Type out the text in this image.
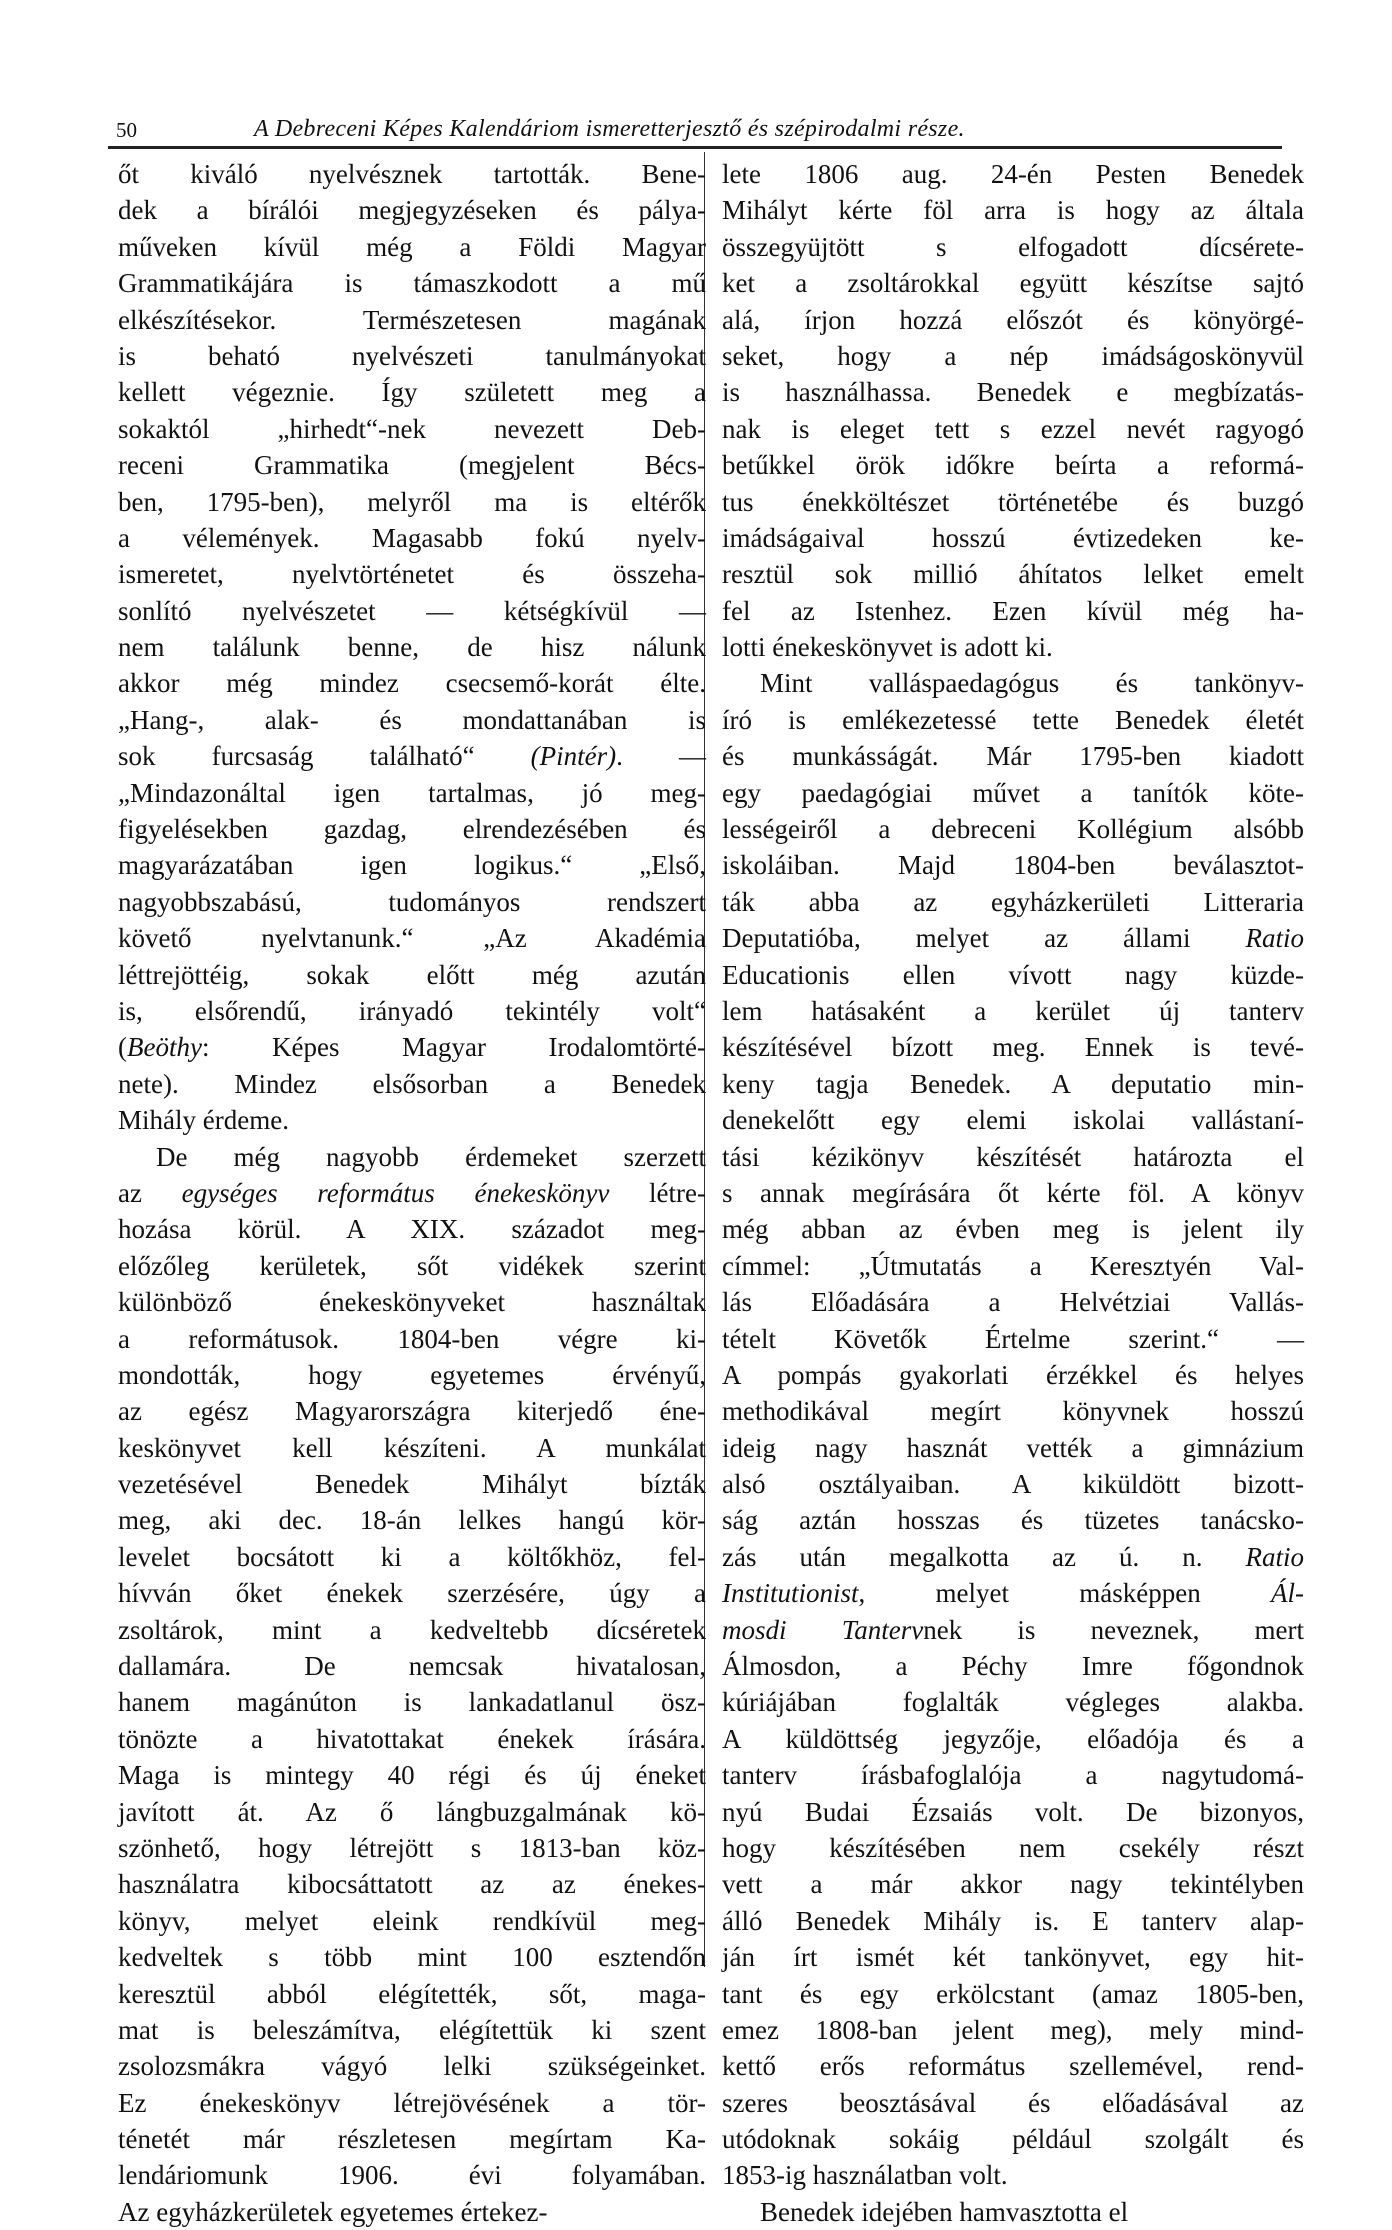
50	A Debreceni Képes Kalendáriom ismeretterjesztő és szépirodalmi része.
őt kiváló nyelvésznek tartották. Bene-
dek a bírálói megjegyzéseken és pálya-
műveken kívül még a Földi Magyar
Grammatikájára is támaszkodott a mű
elkészítésekor. Természetesen magának
is beható nyelvészeti tanulmányokat
kellett végeznie. Így született meg a
sokaktól „hirhedt“-nek nevezett Deb-
receni Grammatika (megjelent Bécs-
ben, 1795-ben), melyről ma is eltérők
a vélemények. Magasabb fokú nyelv-
ismeretet, nyelvtörténetet és összeha-
sonlító nyelvészetet — kétségkívül —
nem találunk benne, de hisz nálunk
akkor még mindez csecsemő-korát élte.
„Hang-, alak- és mondattanában is
sok furcsaság található“ (Pintér). —
„Mindazonáltal igen tartalmas, jó meg-
figyelésekben gazdag, elrendezésében és
magyarázatában igen logikus.“ „Első,
nagyobbszabású, tudományos rendszert
követő nyelvtanunk.“ „Az Akadémia
léttrejöttéig, sokak előtt még azután
is, elsőrendű, irányadó tekintély volt“
(Beöthy: Képes Magyar Irodalomtörté-
nete). Mindez elsősorban a Benedek
Mihály érdeme.
De még nagyobb érdemeket szerzett
az egységes református énekeskönyv létre-
hozása körül. A XIX. századot meg-
előzőleg kerületek, sőt vidékek szerint
különböző énekeskönyveket használtak
a reformátusok. 1804-ben végre ki-
mondották, hogy egyetemes érvényű,
az egész Magyarországra kiterjedő éne-
keskönyvet kell készíteni. A munkálat
vezetésével Benedek Mihályt bízták
meg, aki dec. 18-án lelkes hangú kör-
levelet bocsátott ki a költőkhöz, fel-
hívván őket énekek szerzésére, úgy a
zsoltárok, mint a kedveltebb dícséretek
dallamára. De nemcsak hivatalosan,
hanem magánúton is lankadatlanul ösz-
tönözte a hivatottakat énekek írására.
Maga is mintegy 40 régi és új éneket
javított át. Az ő lángbuzgalmának kö-
szönhető, hogy létrejött s 1813-ban köz-
használatra kibocsáttatott az az énekes-
könyv, melyet eleink rendkívül meg-
kedveltek s több mint 100 esztendőn
keresztül abból elégítették, sőt, maga-
mat is beleszámítva, elégítettük ki szent
zsolozsmákra vágyó lelki szükségeinket.
Ez énekeskönyv létrejövésének a tör-
ténetét már részletesen megírtam Ka-
lendáriomunk 1906. évi folyamában.
Az egyházkerületek egyetemes értekez-
lete 1806 aug. 24-én Pesten Benedek
Mihályt kérte föl arra is hogy az általa
összegyüjtött s elfogadott dícsérete-
ket a zsoltárokkal együtt készítse sajtó
alá, írjon hozzá előszót és könyörgé-
seket, hogy a nép imádságoskönyvül
is használhassa. Benedek e megbízatás-
nak is eleget tett s ezzel nevét ragyogó
betűkkel örök időkre beírta a reformá-
tus énekköltészet történetébe és buzgó
imádságaival hosszú évtizedeken ke-
resztül sok millió áhítatos lelket emelt
fel az Istenhez. Ezen kívül még ha-
lotti énekeskönyvet is adott ki.
Mint valláspaedagógus és tankönyv-
író is emlékezetessé tette Benedek életét
és munkásságát. Már 1795-ben kiadott
egy paedagógiai művet a tanítók köte-
lességeiről a debreceni Kollégium alsóbb
iskoláiban. Majd 1804-ben beválasztot-
ták abba az egyházkerületi Litteraria
Deputatióba, melyet az állami Ratio
Educationis ellen vívott nagy küzde-
lem hatásaként a kerület új tanterv
készítésével bízott meg. Ennek is tevé-
keny tagja Benedek. A deputatio min-
denekelőtt egy elemi iskolai vallástaní-
tási kézikönyv készítését határozta el
s annak megírására őt kérte föl. A könyv
még abban az évben meg is jelent ily
címmel: „Útmutatás a Keresztyén Val-
lás Előadására a Helvétziai Vallás-
tételt Követők Értelme szerint.“ —
A pompás gyakorlati érzékkel és helyes
methodikával megírt könyvnek hosszú
ideig nagy hasznát vették a gimnázium
alsó osztályaiban. A kiküldött bizott-
ság aztán hosszas és tüzetes tanácsko-
zás után megalkotta az ú. n. Ratio
Institutionist, melyet másképpen Ál-
mosdi Tantervnek is neveznek, mert
Álmosdon, a Péchy Imre főgondnok
kúriájában foglalták végleges alakba.
A küldöttség jegyzője, előadója és a
tanterv írásbafoglalója a nagytudomá-
nyú Budai Ézsaiás volt. De bizonyos,
hogy készítésében nem csekély részt
vett a már akkor nagy tekintélyben
álló Benedek Mihály is. E tanterv alap-
ján írt ismét két tankönyvet, egy hit-
tant és egy erkölcstant (amaz 1805-ben,
emez 1808-ban jelent meg), mely mind-
kettő erős református szellemével, rend-
szeres beosztásával és előadásával az
utódoknak sokáig például szolgált és
1853-ig használatban volt.
Benedek idejében hamvasztotta el
